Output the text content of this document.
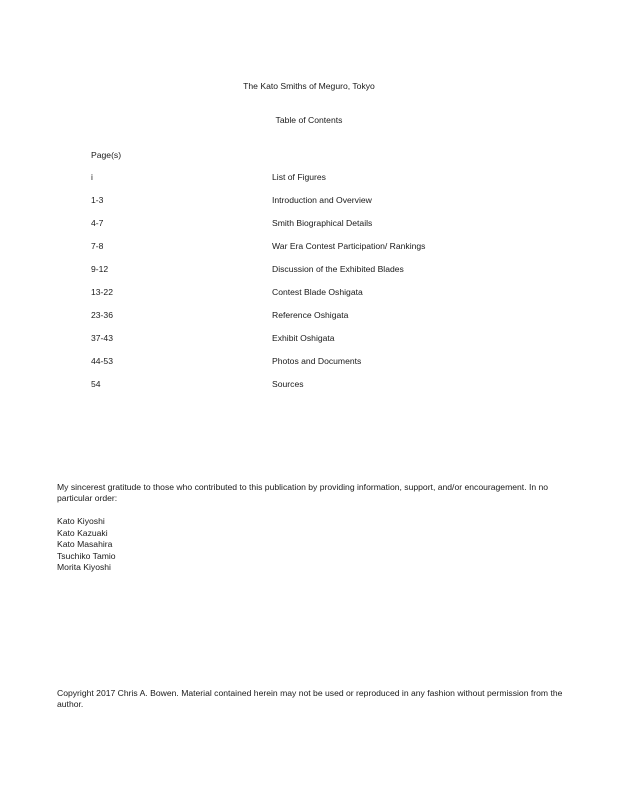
The Kato Smiths of Meguro, Tokyo
Table of Contents
Page(s)
i	List of Figures
1-3	Introduction and Overview
4-7	Smith Biographical Details
7-8	War Era Contest Participation/ Rankings
9-12	Discussion of the Exhibited Blades
13-22	Contest Blade Oshigata
23-36	Reference Oshigata
37-43	Exhibit Oshigata
44-53	Photos and Documents
54	Sources
My sincerest gratitude to those who contributed to this publication by providing information, support, and/or encouragement. In no particular order:
Kato Kiyoshi
Kato Kazuaki
Kato Masahira
Tsuchiko Tamio
Morita Kiyoshi
Copyright 2017 Chris A. Bowen. Material contained herein may not be used or reproduced in any fashion without permission from the author.
